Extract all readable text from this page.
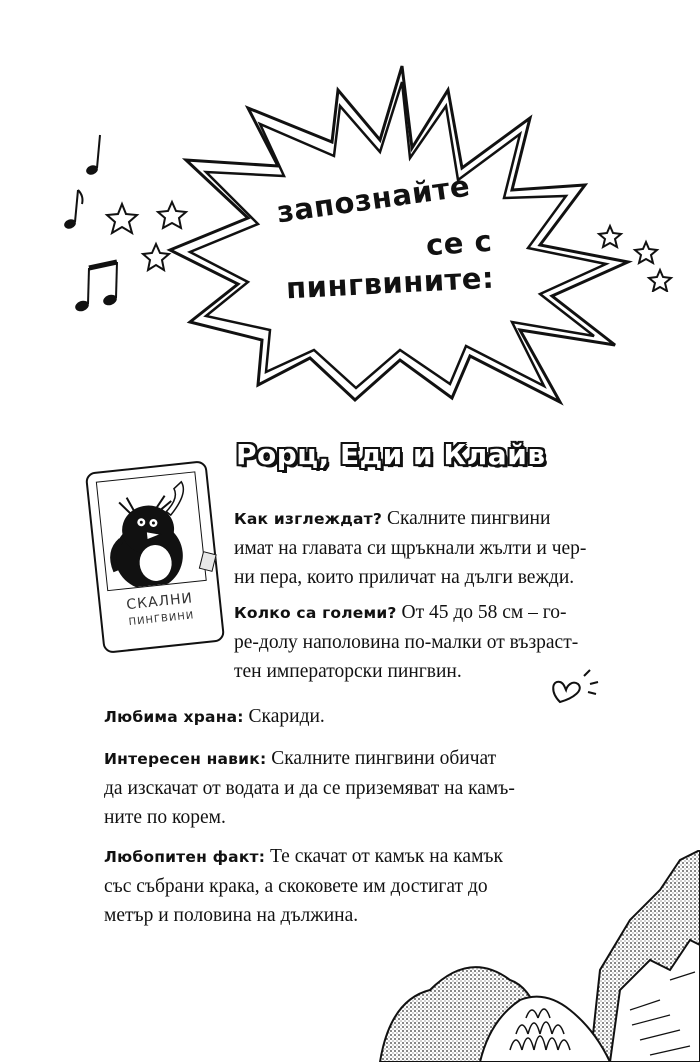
запознайте
се с
пингвините:
Рорц, Еди и Клайв
СКАЛНИ
ПИНГВИНИ
Как изглеждат? Скалните пингвини
имат на главата си щръкнали жълти и чер-
ни пера, които приличат на дълги вежди.
Колко са големи? От 45 до 58 см – го-
ре-долу наполовина по-малки от възраст-
тен императорски пингвин.
Любима храна: Скариди.
Интересен навик: Скалните пингвини обичат
да изскачат от водата и да се приземяват на камъ-
ните по корем.
Любопитен факт: Те скачат от камък на камък
със събрани крака, а скоковете им достигат до
метър и половина на дължина.
